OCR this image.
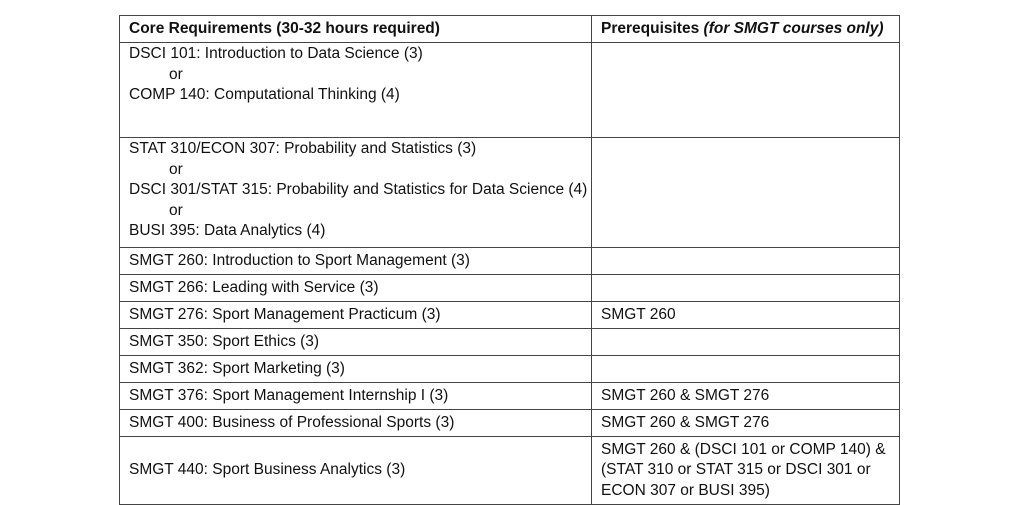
Core Requirements (30-32 hours required)	Prerequisites (for SMGT courses only)

DSCI 101: Introduction to Data Science (3)
or
COMP 140: Computational Thinking (4)	

STAT 310/ECON 307: Probability and Statistics (3)
or
DSCI 301/STAT 315: Probability and Statistics for Data Science (4)
or
BUSI 395: Data Analytics (4)	

SMGT 260: Introduction to Sport Management (3)	
SMGT 266: Leading with Service (3)	
SMGT 276: Sport Management Practicum (3)	SMGT 260
SMGT 350: Sport Ethics (3)	
SMGT 362: Sport Marketing (3)	
SMGT 376: Sport Management Internship I (3)	SMGT 260 & SMGT 276
SMGT 400: Business of Professional Sports (3)	SMGT 260 & SMGT 276
SMGT 440: Sport Business Analytics (3)	SMGT 260 & (DSCI 101 or COMP 140) &
(STAT 310 or STAT 315 or DSCI 301 or
ECON 307 or BUSI 395)
